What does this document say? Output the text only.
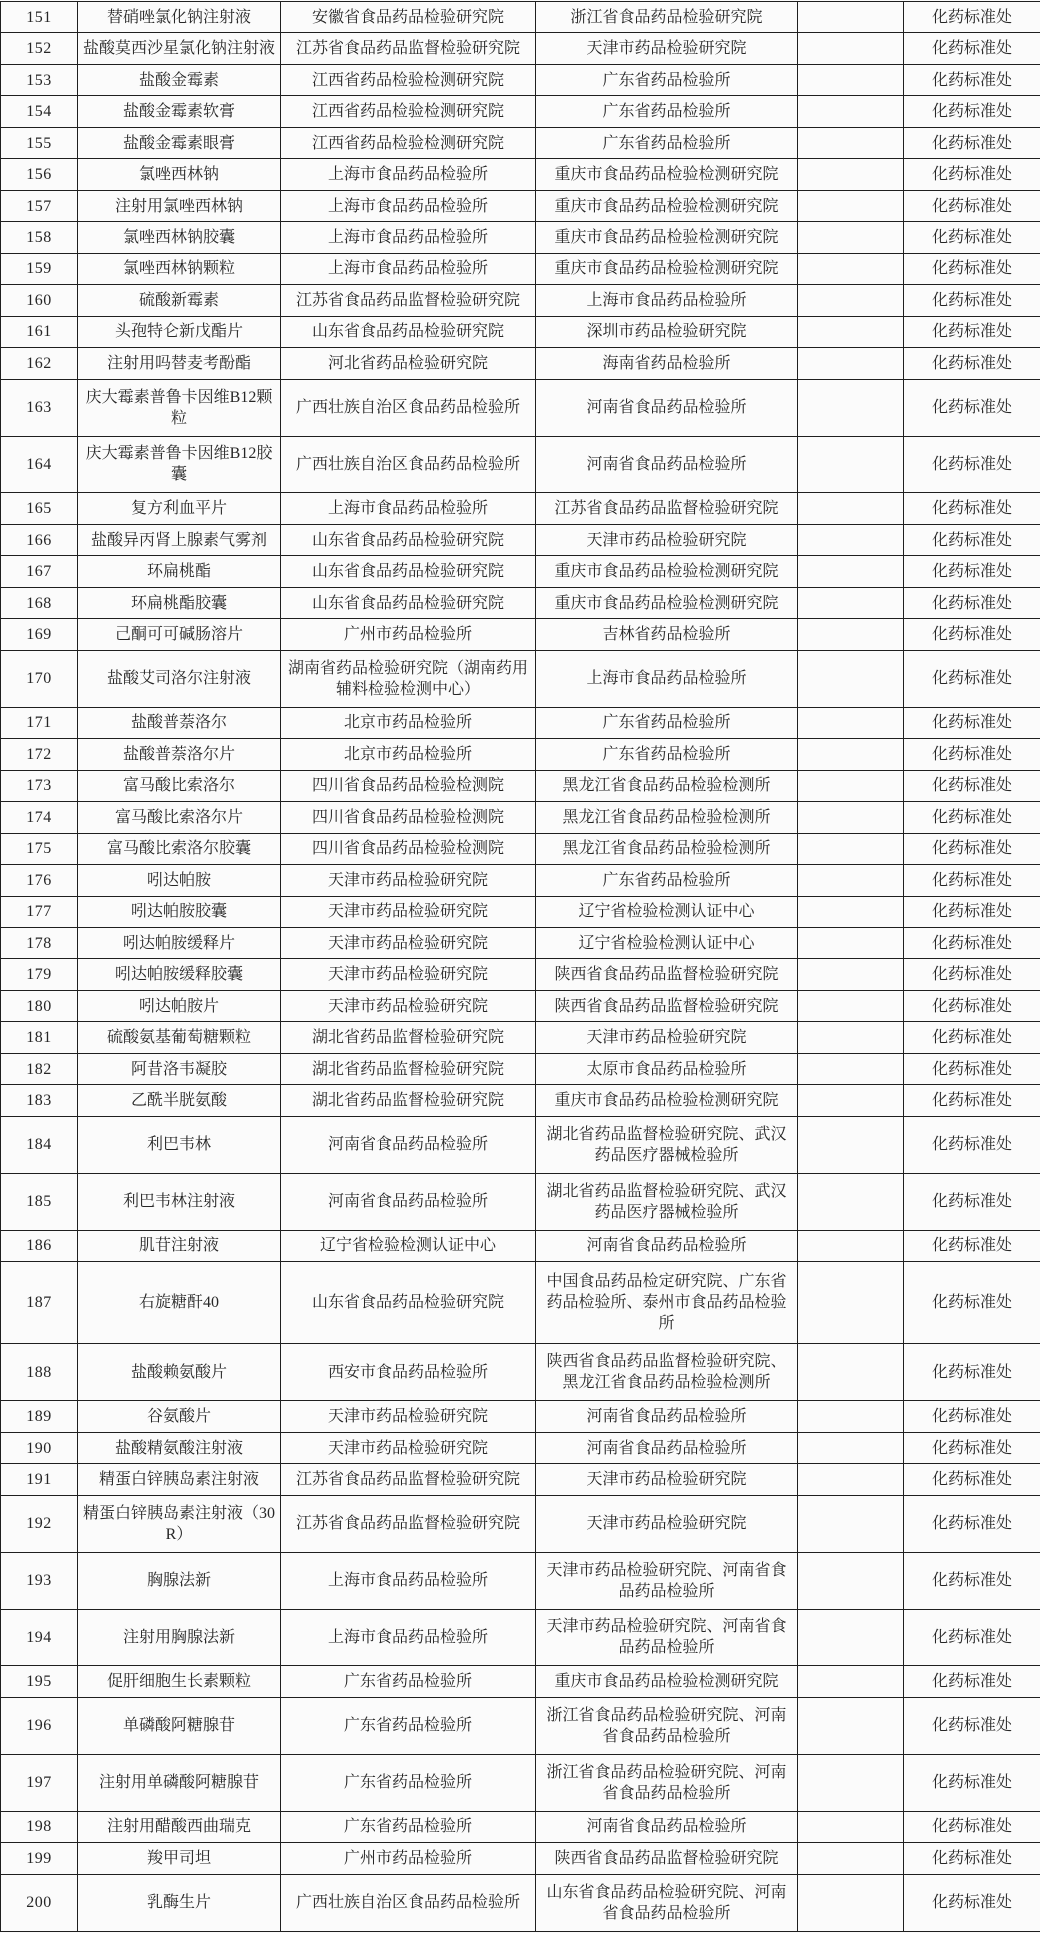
151	替硝唑氯化钠注射液	安徽省食品药品检验研究院	浙江省食品药品检验研究院		化药标准处
152	盐酸莫西沙星氯化钠注射液	江苏省食品药品监督检验研究院	天津市药品检验研究院		化药标准处
153	盐酸金霉素	江西省药品检验检测研究院	广东省药品检验所		化药标准处
154	盐酸金霉素软膏	江西省药品检验检测研究院	广东省药品检验所		化药标准处
155	盐酸金霉素眼膏	江西省药品检验检测研究院	广东省药品检验所		化药标准处
156	氯唑西林钠	上海市食品药品检验所	重庆市食品药品检验检测研究院		化药标准处
157	注射用氯唑西林钠	上海市食品药品检验所	重庆市食品药品检验检测研究院		化药标准处
158	氯唑西林钠胶囊	上海市食品药品检验所	重庆市食品药品检验检测研究院		化药标准处
159	氯唑西林钠颗粒	上海市食品药品检验所	重庆市食品药品检验检测研究院		化药标准处
160	硫酸新霉素	江苏省食品药品监督检验研究院	上海市食品药品检验所		化药标准处
161	头孢特仑新戊酯片	山东省食品药品检验研究院	深圳市药品检验研究院		化药标准处
162	注射用吗替麦考酚酯	河北省药品检验研究院	海南省药品检验所		化药标准处
163	庆大霉素普鲁卡因维B12颗粒	广西壮族自治区食品药品检验所	河南省食品药品检验所		化药标准处
164	庆大霉素普鲁卡因维B12胶囊	广西壮族自治区食品药品检验所	河南省食品药品检验所		化药标准处
165	复方利血平片	上海市食品药品检验所	江苏省食品药品监督检验研究院		化药标准处
166	盐酸异丙肾上腺素气雾剂	山东省食品药品检验研究院	天津市药品检验研究院		化药标准处
167	环扁桃酯	山东省食品药品检验研究院	重庆市食品药品检验检测研究院		化药标准处
168	环扁桃酯胶囊	山东省食品药品检验研究院	重庆市食品药品检验检测研究院		化药标准处
169	己酮可可碱肠溶片	广州市药品检验所	吉林省药品检验所		化药标准处
170	盐酸艾司洛尔注射液	湖南省药品检验研究院（湖南药用辅料检验检测中心）	上海市食品药品检验所		化药标准处
171	盐酸普萘洛尔	北京市药品检验所	广东省药品检验所		化药标准处
172	盐酸普萘洛尔片	北京市药品检验所	广东省药品检验所		化药标准处
173	富马酸比索洛尔	四川省食品药品检验检测院	黑龙江省食品药品检验检测所		化药标准处
174	富马酸比索洛尔片	四川省食品药品检验检测院	黑龙江省食品药品检验检测所		化药标准处
175	富马酸比索洛尔胶囊	四川省食品药品检验检测院	黑龙江省食品药品检验检测所		化药标准处
176	吲达帕胺	天津市药品检验研究院	广东省药品检验所		化药标准处
177	吲达帕胺胶囊	天津市药品检验研究院	辽宁省检验检测认证中心		化药标准处
178	吲达帕胺缓释片	天津市药品检验研究院	辽宁省检验检测认证中心		化药标准处
179	吲达帕胺缓释胶囊	天津市药品检验研究院	陕西省食品药品监督检验研究院		化药标准处
180	吲达帕胺片	天津市药品检验研究院	陕西省食品药品监督检验研究院		化药标准处
181	硫酸氨基葡萄糖颗粒	湖北省药品监督检验研究院	天津市药品检验研究院		化药标准处
182	阿昔洛韦凝胶	湖北省药品监督检验研究院	太原市食品药品检验所		化药标准处
183	乙酰半胱氨酸	湖北省药品监督检验研究院	重庆市食品药品检验检测研究院		化药标准处
184	利巴韦林	河南省食品药品检验所	湖北省药品监督检验研究院、武汉药品医疗器械检验所		化药标准处
185	利巴韦林注射液	河南省食品药品检验所	湖北省药品监督检验研究院、武汉药品医疗器械检验所		化药标准处
186	肌苷注射液	辽宁省检验检测认证中心	河南省食品药品检验所		化药标准处
187	右旋糖酐40	山东省食品药品检验研究院	中国食品药品检定研究院、广东省药品检验所、泰州市食品药品检验所		化药标准处
188	盐酸赖氨酸片	西安市食品药品检验所	陕西省食品药品监督检验研究院、黑龙江省食品药品检验检测所		化药标准处
189	谷氨酸片	天津市药品检验研究院	河南省食品药品检验所		化药标准处
190	盐酸精氨酸注射液	天津市药品检验研究院	河南省食品药品检验所		化药标准处
191	精蛋白锌胰岛素注射液	江苏省食品药品监督检验研究院	天津市药品检验研究院		化药标准处
192	精蛋白锌胰岛素注射液（30R）	江苏省食品药品监督检验研究院	天津市药品检验研究院		化药标准处
193	胸腺法新	上海市食品药品检验所	天津市药品检验研究院、河南省食品药品检验所		化药标准处
194	注射用胸腺法新	上海市食品药品检验所	天津市药品检验研究院、河南省食品药品检验所		化药标准处
195	促肝细胞生长素颗粒	广东省药品检验所	重庆市食品药品检验检测研究院		化药标准处
196	单磷酸阿糖腺苷	广东省药品检验所	浙江省食品药品检验研究院、河南省食品药品检验所		化药标准处
197	注射用单磷酸阿糖腺苷	广东省药品检验所	浙江省食品药品检验研究院、河南省食品药品检验所		化药标准处
198	注射用醋酸西曲瑞克	广东省药品检验所	河南省食品药品检验所		化药标准处
199	羧甲司坦	广州市药品检验所	陕西省食品药品监督检验研究院		化药标准处
200	乳酶生片	广西壮族自治区食品药品检验所	山东省食品药品检验研究院、河南省食品药品检验所		化药标准处
